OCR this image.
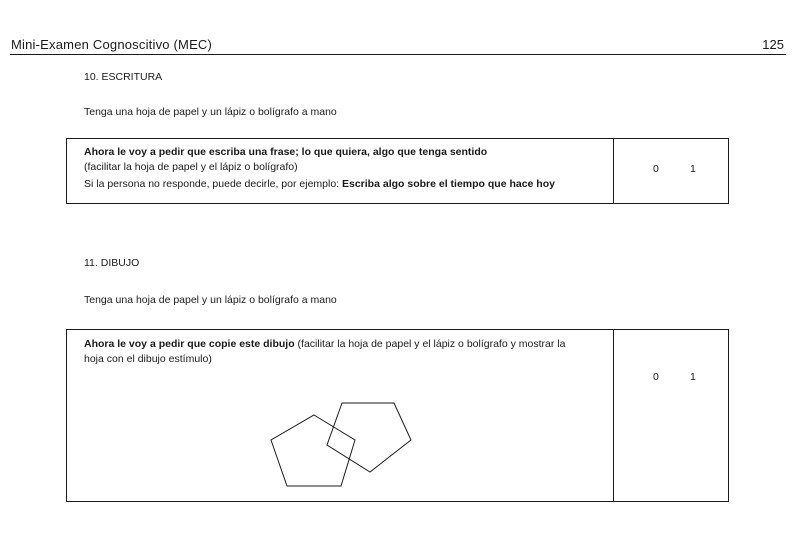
Mini-Examen Cognoscitivo (MEC)	125
10. ESCRITURA
Tenga una hoja de papel y un lápiz o bolígrafo a mano
Ahora le voy a pedir que escriba una frase; lo que quiera, algo que tenga sentido
(facilitar la hoja de papel y el lápiz o bolígrafo)
Si la persona no responde, puede decirle, por ejemplo: Escriba algo sobre el tiempo que hace hoy
0	1
11. DIBUJO
Tenga una hoja de papel y un lápiz o bolígrafo a mano
Ahora le voy a pedir que copie este dibujo (facilitar la hoja de papel y el lápiz o bolígrafo y mostrar la hoja con el dibujo estímulo)
0	1
